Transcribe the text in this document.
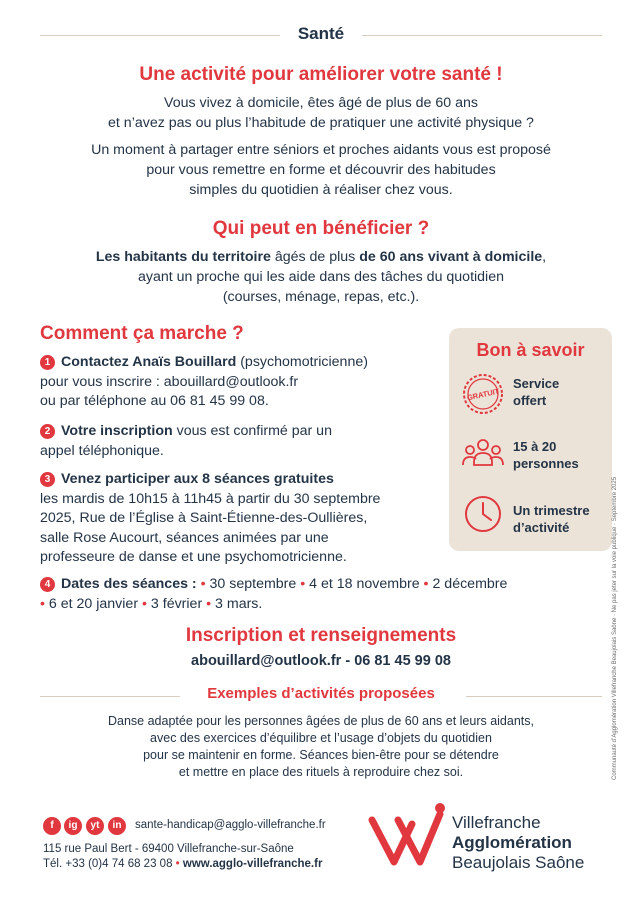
Santé
Une activité pour améliorer votre santé !
Vous vivez à domicile, êtes âgé de plus de 60 ans
et n’avez pas ou plus l’habitude de pratiquer une activité physique ?
Un moment à partager entre séniors et proches aidants vous est proposé
pour vous remettre en forme et découvrir des habitudes
simples du quotidien à réaliser chez vous.
Qui peut en bénéficier ?
Les habitants du territoire âgés de plus de 60 ans vivant à domicile,
ayant un proche qui les aide dans des tâches du quotidien
(courses, ménage, repas, etc.).
Comment ça marche ?
1 Contactez Anaïs Bouillard (psychomotricienne)
pour vous inscrire : abouillard@outlook.fr
ou par téléphone au 06 81 45 99 08.
2 Votre inscription vous est confirmé par un
appel téléphonique.
3 Venez participer aux 8 séances gratuites
les mardis de 10h15 à 11h45 à partir du 30 septembre
2025, Rue de l’Église à Saint-Étienne-des-Oullières,
salle Rose Aucourt, séances animées par une
professeure de danse et une psychomotricienne.
4 Dates des séances : • 30 septembre • 4 et 18 novembre • 2 décembre
• 6 et 20 janvier • 3 février • 3 mars.
Bon à savoir
GRATUIT
Service
offert
15 à 20
personnes
Un trimestre
d’activité
Inscription et renseignements
abouillard@outlook.fr - 06 81 45 99 08
Exemples d’activités proposées
Danse adaptée pour les personnes âgées de plus de 60 ans et leurs aidants,
avec des exercices d’équilibre et l’usage d’objets du quotidien
pour se maintenir en forme. Séances bien-être pour se détendre
et mettre en place des rituels à reproduire chez soi.
f	ig	yt	in	sante-handicap@agglo-villefranche.fr
115 rue Paul Bert - 69400 Villefranche-sur-Saône
Tél. +33 (0)4 74 68 23 08 • www.agglo-villefranche.fr
Villefranche
Agglomération
Beaujolais Saône
Communauté d’Agglomération Villefranche Beaujolais Saône · Ne pas jeter sur la voie publique · Septembre 2025
